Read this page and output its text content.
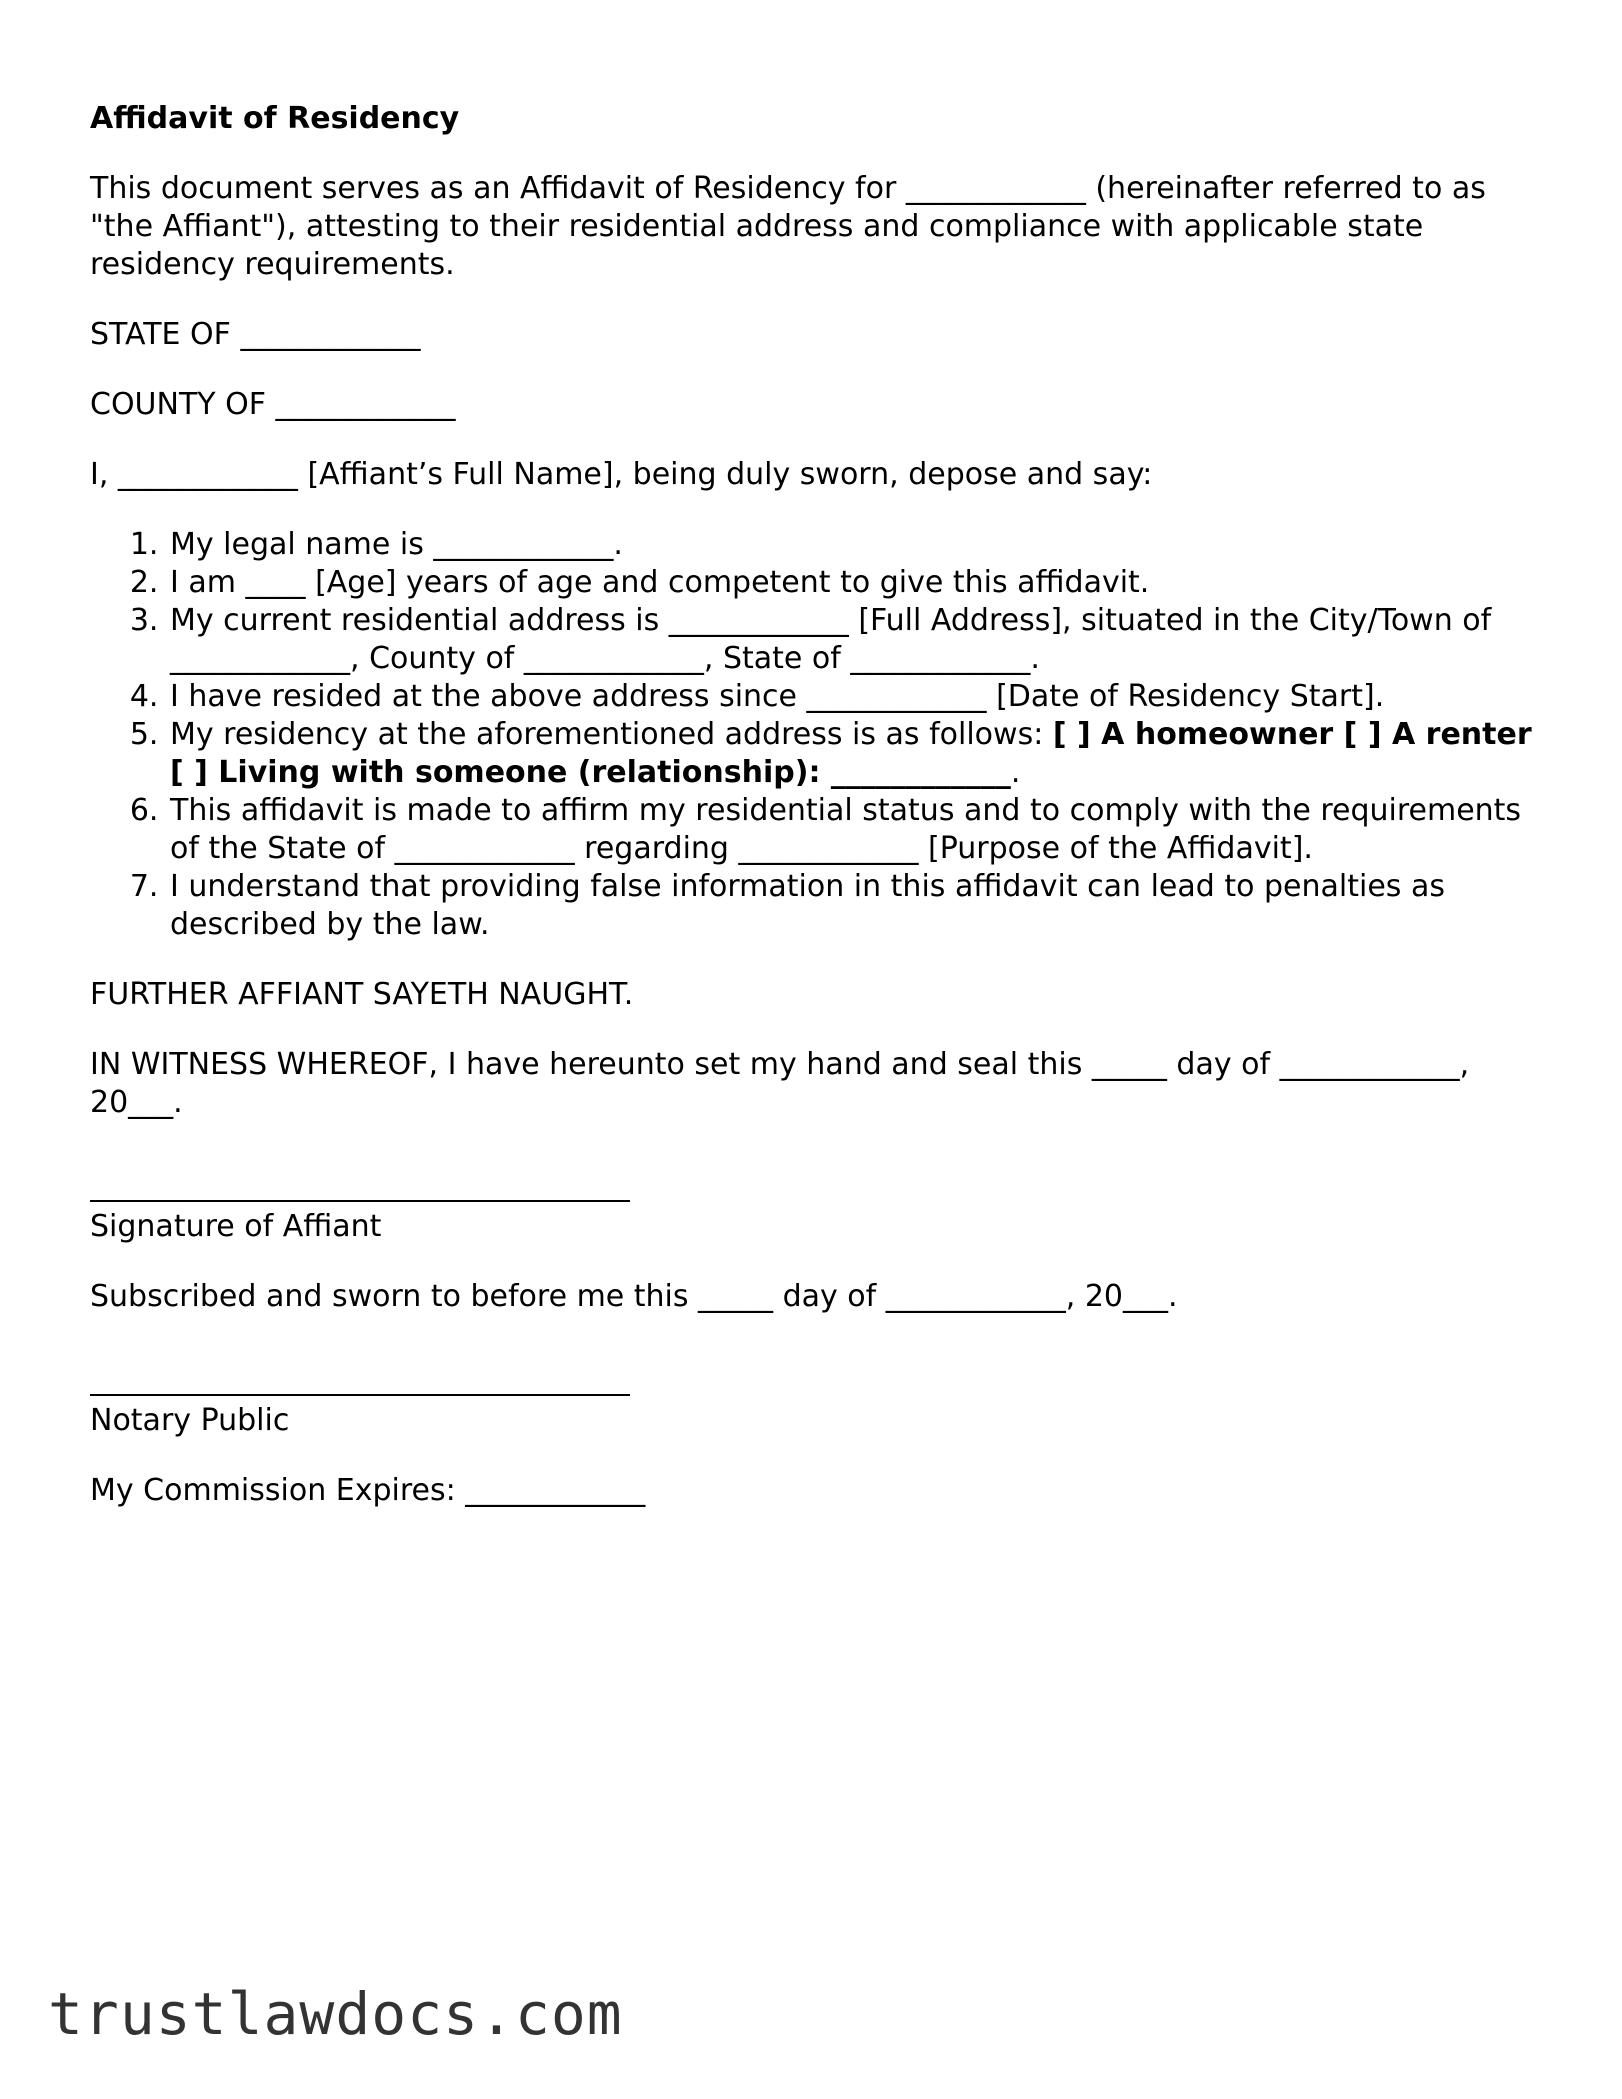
Affidavit of Residency

This document serves as an Affidavit of Residency for ____________ (hereinafter referred to as "the Affiant"), attesting to their residential address and compliance with applicable state residency requirements.

STATE OF ____________

COUNTY OF ____________

I, ____________ [Affiant’s Full Name], being duly sworn, depose and say:

1. My legal name is ____________.
2. I am ____ [Age] years of age and competent to give this affidavit.
3. My current residential address is ____________ [Full Address], situated in the City/Town of ____________, County of ____________, State of ____________.
4. I have resided at the above address since ____________ [Date of Residency Start].
5. My residency at the aforementioned address is as follows: [ ] A homeowner [ ] A renter [ ] Living with someone (relationship): ____________.
6. This affidavit is made to affirm my residential status and to comply with the requirements of the State of ____________ regarding ____________ [Purpose of the Affidavit].
7. I understand that providing false information in this affidavit can lead to penalties as described by the law.

FURTHER AFFIANT SAYETH NAUGHT.

IN WITNESS WHEREOF, I have hereunto set my hand and seal this _____ day of ____________, 20___.

Signature of Affiant

Subscribed and sworn to before me this _____ day of ____________, 20___.

Notary Public

My Commission Expires: ____________

trustlawdocs.com
